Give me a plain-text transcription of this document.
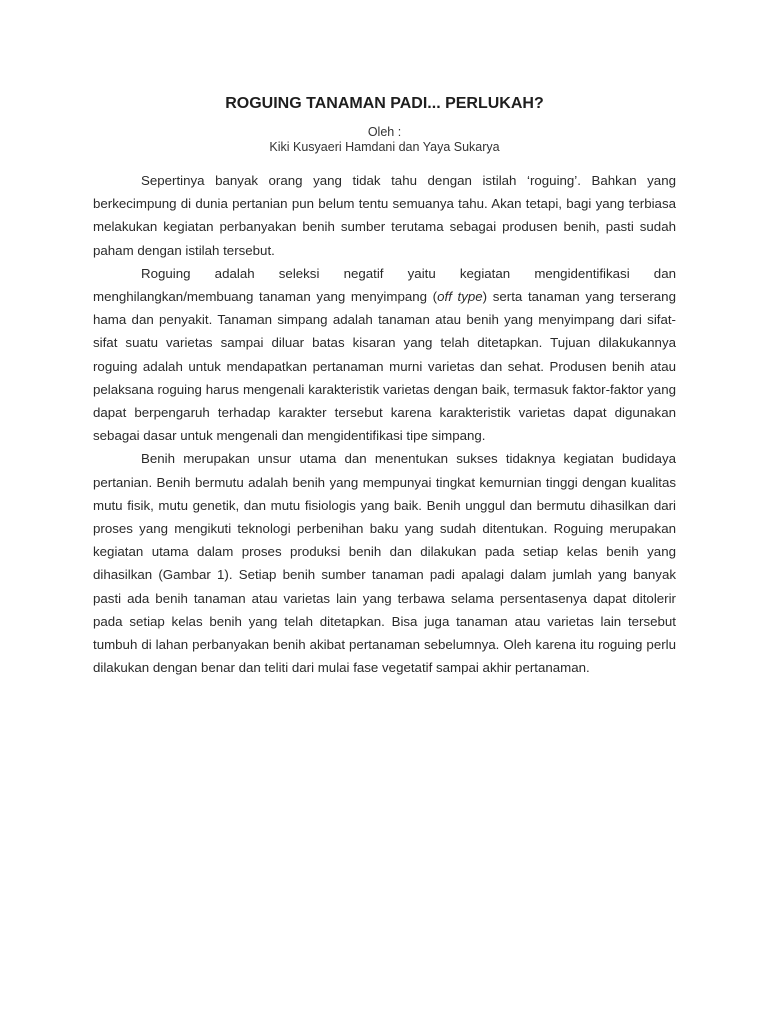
ROGUING TANAMAN PADI... PERLUKAH?
Oleh :
Kiki Kusyaeri Hamdani dan Yaya Sukarya

Sepertinya banyak orang yang tidak tahu dengan istilah ‘roguing’. Bahkan yang berkecimpung di dunia pertanian pun belum tentu semuanya tahu. Akan tetapi, bagi yang terbiasa melakukan kegiatan perbanyakan benih sumber terutama sebagai produsen benih, pasti sudah paham dengan istilah tersebut.

Roguing adalah seleksi negatif yaitu kegiatan mengidentifikasi dan menghilangkan/membuang tanaman yang menyimpang (off type) serta tanaman yang terserang hama dan penyakit. Tanaman simpang adalah tanaman atau benih yang menyimpang dari sifat-sifat suatu varietas sampai diluar batas kisaran yang telah ditetapkan. Tujuan dilakukannya roguing adalah untuk mendapatkan pertanaman murni varietas dan sehat. Produsen benih atau pelaksana roguing harus mengenali karakteristik varietas dengan baik, termasuk faktor-faktor yang dapat berpengaruh terhadap karakter tersebut karena karakteristik varietas dapat digunakan sebagai dasar untuk mengenali dan mengidentifikasi tipe simpang.

Benih merupakan unsur utama dan menentukan sukses tidaknya kegiatan budidaya pertanian. Benih bermutu adalah benih yang mempunyai tingkat kemurnian tinggi dengan kualitas mutu fisik, mutu genetik, dan mutu fisiologis yang baik. Benih unggul dan bermutu dihasilkan dari proses yang mengikuti teknologi perbenihan baku yang sudah ditentukan. Roguing merupakan kegiatan utama dalam proses produksi benih dan dilakukan pada setiap kelas benih yang dihasilkan (Gambar 1). Setiap benih sumber tanaman padi apalagi dalam jumlah yang banyak pasti ada benih tanaman atau varietas lain yang terbawa selama persentasenya dapat ditolerir pada setiap kelas benih yang telah ditetapkan. Bisa juga tanaman atau varietas lain tersebut tumbuh di lahan perbanyakan benih akibat pertanaman sebelumnya. Oleh karena itu roguing perlu dilakukan dengan benar dan teliti dari mulai fase vegetatif sampai akhir pertanaman.
